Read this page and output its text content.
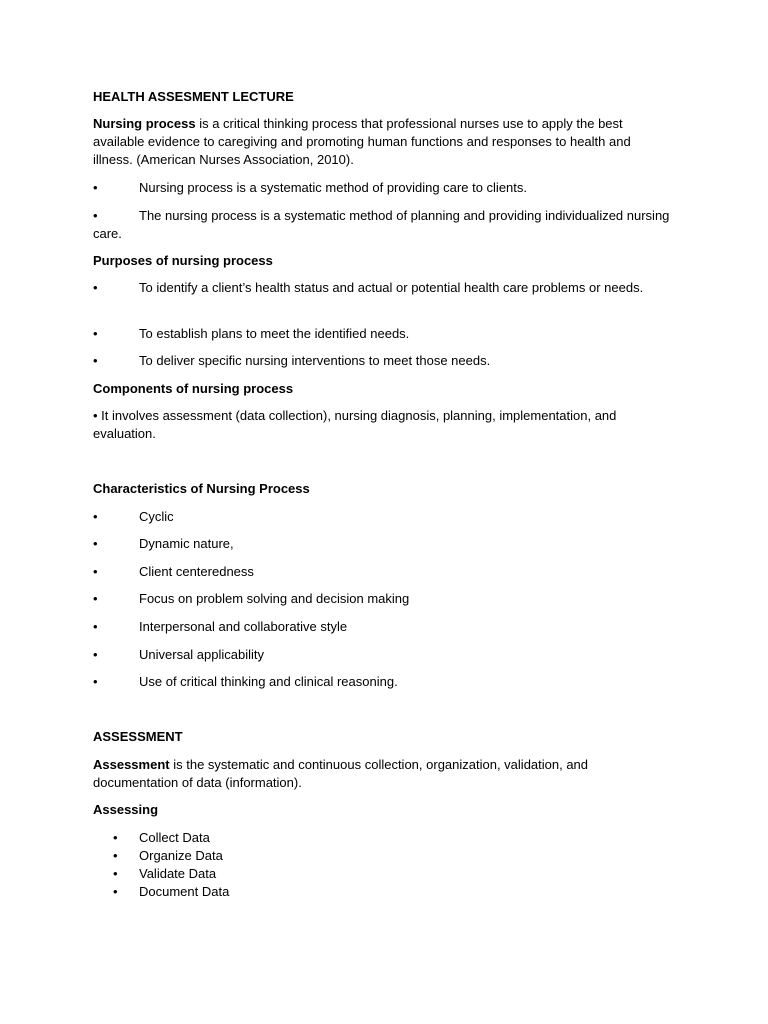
HEALTH ASSESMENT LECTURE

Nursing process is a critical thinking process that professional nurses use to apply the best available evidence to caregiving and promoting human functions and responses to health and illness. (American Nurses Association, 2010).

•	Nursing process is a systematic method of providing care to clients.
•	The nursing process is a systematic method of planning and providing individualized nursing care.

Purposes of nursing process

•	To identify a client’s health status and actual or potential health care problems or needs.
•	To establish plans to meet the identified needs.
•	To deliver specific nursing interventions to meet those needs.

Components of nursing process

• It involves assessment (data collection), nursing diagnosis, planning, implementation, and evaluation.

Characteristics of Nursing Process

•	Cyclic
•	Dynamic nature,
•	Client centeredness
•	Focus on problem solving and decision making
•	Interpersonal and collaborative style
•	Universal applicability
•	Use of critical thinking and clinical reasoning.

ASSESSMENT

Assessment is the systematic and continuous collection, organization, validation, and documentation of data (information).

Assessing

• Collect Data
• Organize Data
• Validate Data
• Document Data
